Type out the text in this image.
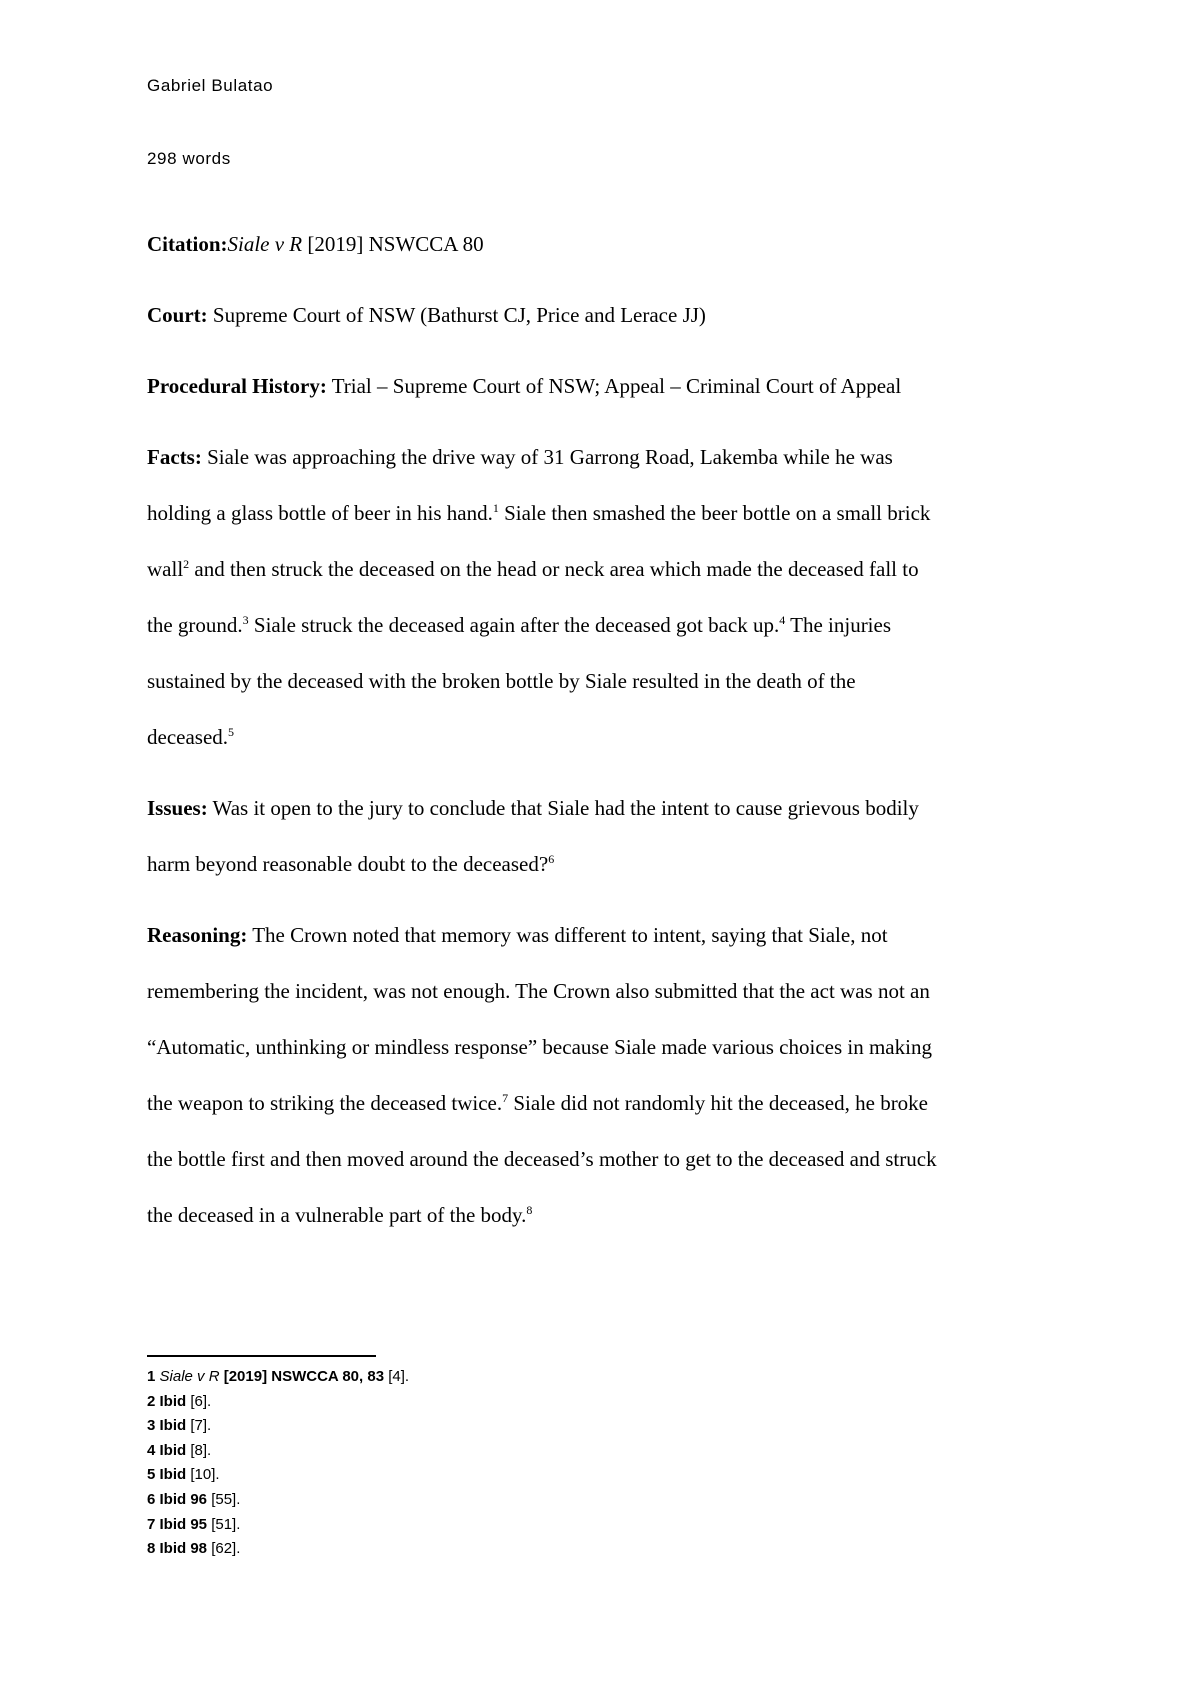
Gabriel Bulatao
298 words

Citation:Siale v R [2019] NSWCCA 80

Court: Supreme Court of NSW (Bathurst CJ, Price and Lerace JJ)

Procedural History: Trial – Supreme Court of NSW; Appeal – Criminal Court of Appeal

Facts: Siale was approaching the drive way of 31 Garrong Road, Lakemba while he was
holding a glass bottle of beer in his hand.$^1$ Siale then smashed the beer bottle on a small brick
wall$^2$ and then struck the deceased on the head or neck area which made the deceased fall to
the ground.$^3$ Siale struck the deceased again after the deceased got back up.$^4$ The injuries
sustained by the deceased with the broken bottle by Siale resulted in the death of the
deceased.$^5$

Issues: Was it open to the jury to conclude that Siale had the intent to cause grievous bodily
harm beyond reasonable doubt to the deceased?$^6$

Reasoning: The Crown noted that memory was different to intent, saying that Siale, not
remembering the incident, was not enough. The Crown also submitted that the act was not an
“Automatic, unthinking or mindless response” because Siale made various choices in making
the weapon to striking the deceased twice.$^7$ Siale did not randomly hit the deceased, he broke
the bottle first and then moved around the deceased’s mother to get to the deceased and struck
the deceased in a vulnerable part of the body.$^8$

1 Siale v R [2019] NSWCCA 80, 83 [4].
2 Ibid [6].
3 Ibid [7].
4 Ibid [8].
5 Ibid [10].
6 Ibid 96 [55].
7 Ibid 95 [51].
8 Ibid 98 [62].
